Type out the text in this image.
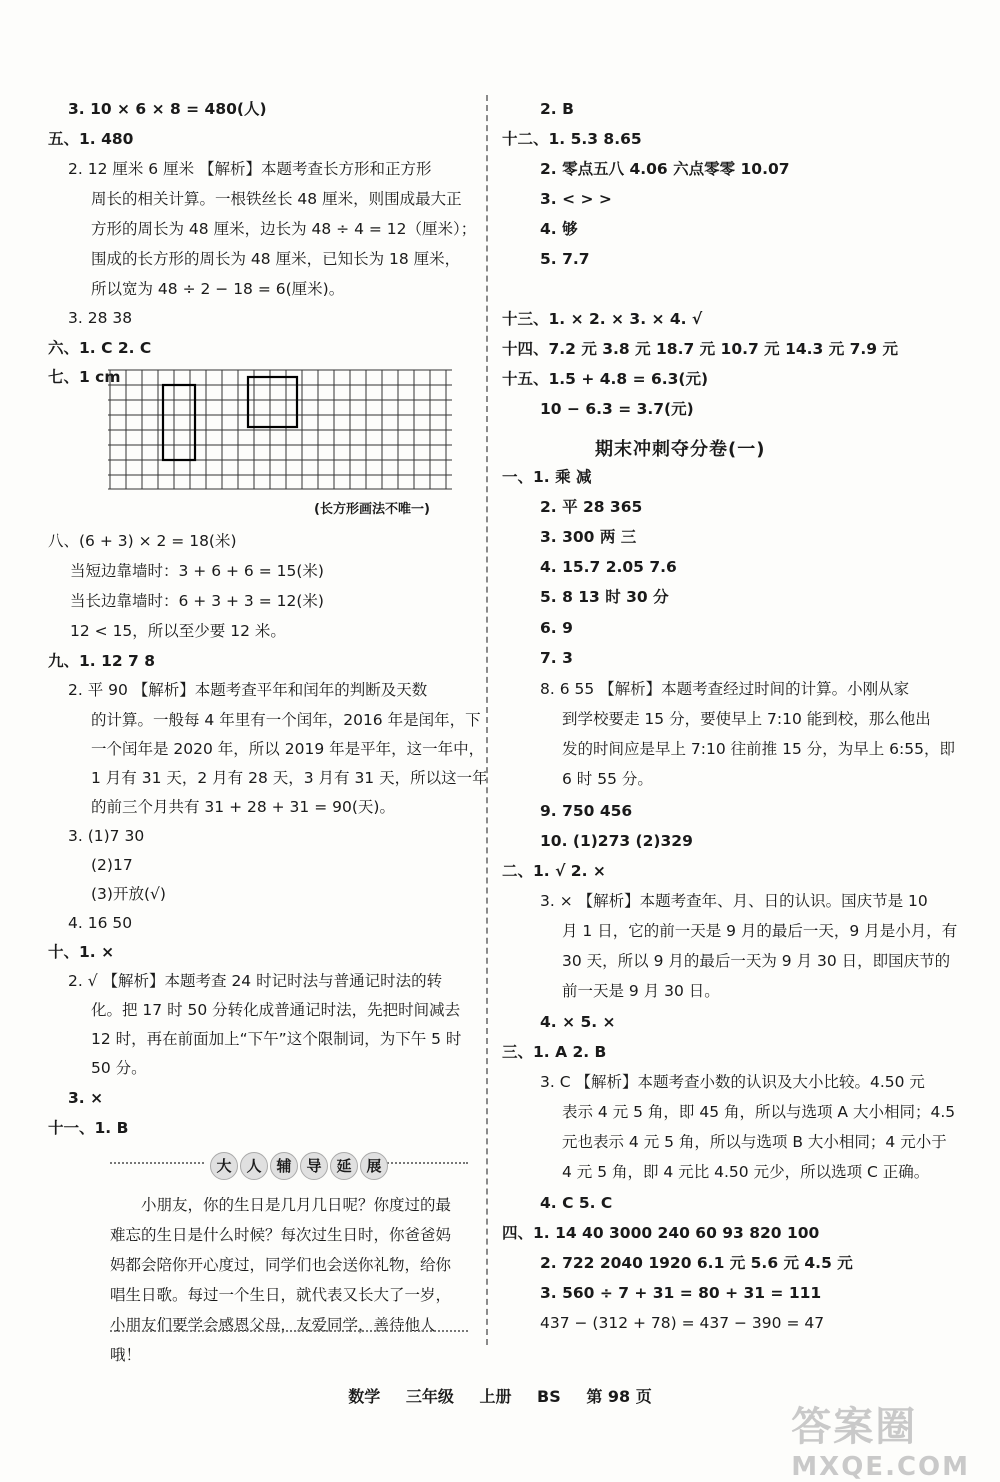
3. 10 × 6 × 8 = 480(人)
五、1. 480
2. 12 厘米 6 厘米 【解析】本题考查长方形和正方形
周长的相关计算。一根铁丝长 48 厘米，则围成最大正
方形的周长为 48 厘米，边长为 48 ÷ 4 = 12（厘米）；
围成的长方形的周长为 48 厘米，已知长为 18 厘米，
所以宽为 48 ÷ 2 − 18 = 6(厘米)。
3. 28 38
六、1. C 2. C
七、1 cm
(长方形画法不唯一)
八、(6 + 3) × 2 = 18(米)
当短边靠墙时：3 + 6 + 6 = 15(米)
当长边靠墙时：6 + 3 + 3 = 12(米)
12 < 15，所以至少要 12 米。
九、1. 12 7 8
2. 平 90 【解析】本题考查平年和闰年的判断及天数
的计算。一般每 4 年里有一个闰年，2016 年是闰年，下
一个闰年是 2020 年，所以 2019 年是平年，这一年中，
1 月有 31 天，2 月有 28 天，3 月有 31 天，所以这一年
的前三个月共有 31 + 28 + 31 = 90(天)。
3. (1)7 30
(2)17
(3)开放(√)
4. 16 50
十、1. ×
2. √ 【解析】本题考查 24 时记时法与普通记时法的转
化。把 17 时 50 分转化成普通记时法，先把时间减去
12 时，再在前面加上“下午”这个限制词，为下午 5 时
50 分。
3. ×
十一、1. B
大 人 辅 导 延 展
小朋友，你的生日是几月几日呢？你度过的最难忘的生日是什么时候？每次过生日时，你爸爸妈妈都会陪你开心度过，同学们也会送你礼物，给你唱生日歌。每过一个生日，就代表又长大了一岁，小朋友们要学会感恩父母，友爱同学，善待他人哦！
2. B
十二、1. 5.3 8.65
2. 零点五八 4.06 六点零零 10.07
3. < > >
4. 够
5. 7.7
十三、1. × 2. × 3. × 4. √
十四、7.2 元 3.8 元 18.7 元 10.7 元 14.3 元 7.9 元
十五、1.5 + 4.8 = 6.3(元)
10 − 6.3 = 3.7(元)
期末冲刺夺分卷(一)
一、1. 乘 减
2. 平 28 365
3. 300 两 三
4. 15.7 2.05 7.6
5. 8 13 时 30 分
6. 9
7. 3
8. 6 55 【解析】本题考查经过时间的计算。小刚从家
到学校要走 15 分，要使早上 7:10 能到校，那么他出
发的时间应是早上 7:10 往前推 15 分，为早上 6:55，即
6 时 55 分。
9. 750 456
10. (1)273 (2)329
二、1. √ 2. ×
3. × 【解析】本题考查年、月、日的认识。国庆节是 10
月 1 日，它的前一天是 9 月的最后一天，9 月是小月，有
30 天，所以 9 月的最后一天为 9 月 30 日，即国庆节的
前一天是 9 月 30 日。
4. × 5. ×
三、1. A 2. B
3. C 【解析】本题考查小数的认识及大小比较。4.50 元
表示 4 元 5 角，即 45 角，所以与选项 A 大小相同；4.5
元也表示 4 元 5 角，所以与选项 B 大小相同；4 元小于
4 元 5 角，即 4 元比 4.50 元少，所以选项 C 正确。
4. C 5. C
四、1. 14 40 3000 240 60 93 820 100
2. 722 2040 1920 6.1 元 5.6 元 4.5 元
3. 560 ÷ 7 + 31 = 80 + 31 = 111
437 − (312 + 78) = 437 − 390 = 47
数学 三年级 上册 BS 第 98 页
答案圈
MXQE.COM
